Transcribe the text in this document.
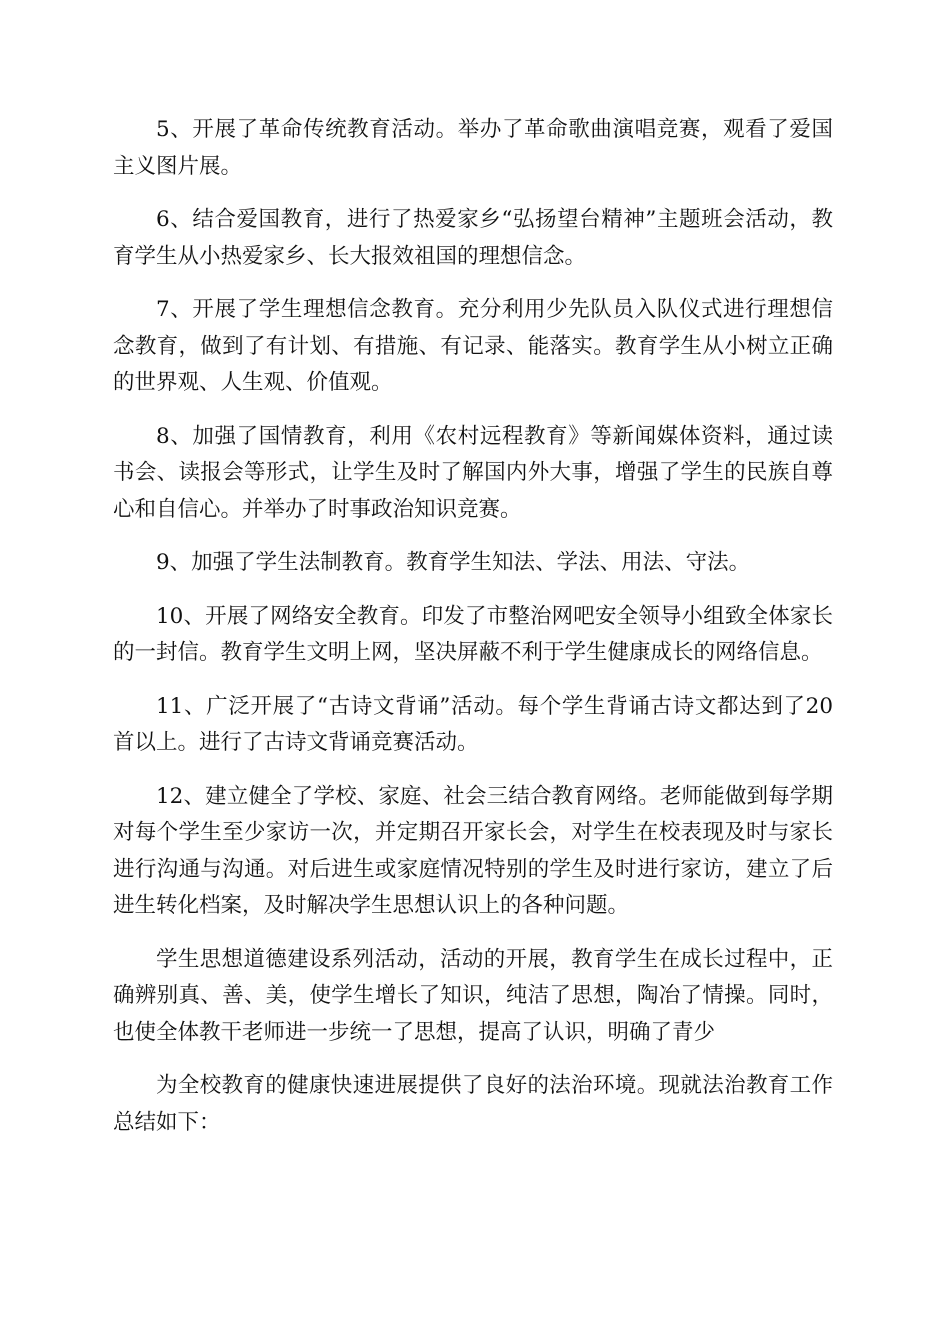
5、开展了革命传统教育活动。举办了革命歌曲演唱竞赛，观看了爱国主义图片展。

6、结合爱国教育，进行了热爱家乡“弘扬望台精神”主题班会活动，教育学生从小热爱家乡、长大报效祖国的理想信念。

7、开展了学生理想信念教育。充分利用少先队员入队仪式进行理想信念教育，做到了有计划、有措施、有记录、能落实。教育学生从小树立正确的世界观、人生观、价值观。

8、加强了国情教育，利用《农村远程教育》等新闻媒体资料，通过读书会、读报会等形式，让学生及时了解国内外大事，增强了学生的民族自尊心和自信心。并举办了时事政治知识竞赛。

9、加强了学生法制教育。教育学生知法、学法、用法、守法。

10、开展了网络安全教育。印发了市整治网吧安全领导小组致全体家长的一封信。教育学生文明上网，坚决屏蔽不利于学生健康成长的网络信息。

11、广泛开展了“古诗文背诵”活动。每个学生背诵古诗文都达到了20首以上。进行了古诗文背诵竞赛活动。

12、建立健全了学校、家庭、社会三结合教育网络。老师能做到每学期对每个学生至少家访一次，并定期召开家长会，对学生在校表现及时与家长进行沟通与沟通。对后进生或家庭情况特别的学生及时进行家访，建立了后进生转化档案，及时解决学生思想认识上的各种问题。

学生思想道德建设系列活动，活动的开展，教育学生在成长过程中，正确辨别真、善、美，使学生增长了知识，纯洁了思想，陶冶了情操。同时，也使全体教干老师进一步统一了思想，提高了认识，明确了青少

为全校教育的健康快速进展提供了良好的法治环境。现就法治教育工作总结如下：
